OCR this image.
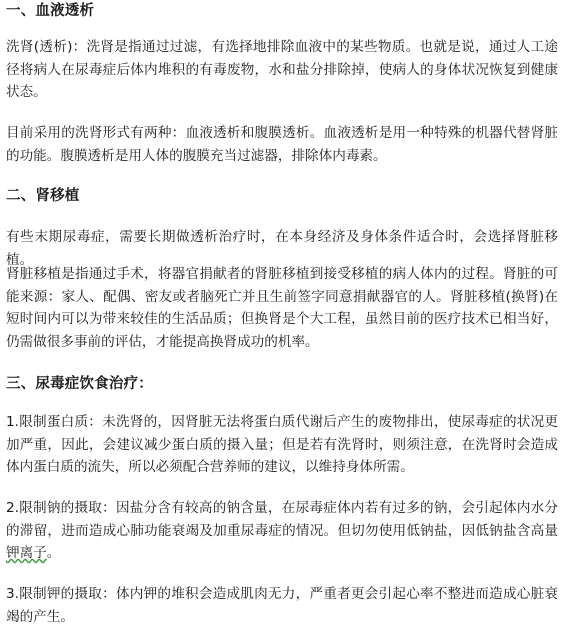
一、血液透析

洗肾(透析)：洗肾是指通过过滤，有选择地排除血液中的某些物质。也就是说，通过人工途径将病人在尿毒症后体内堆积的有毒废物，水和盐分排除掉，使病人的身体状况恢复到健康状态。

目前采用的洗肾形式有两种：血液透析和腹膜透析。血液透析是用一种特殊的机器代替肾脏的功能。腹膜透析是用人体的腹膜充当过滤器，排除体内毒素。

二、肾移植

有些末期尿毒症，需要长期做透析治疗时，在本身经济及身体条件适合时，会选择肾脏移植。

肾脏移植是指通过手术，将器官捐献者的肾脏移植到接受移植的病人体内的过程。肾脏的可能来源：家人、配偶、密友或者脑死亡并且生前签字同意捐献器官的人。肾脏移植(换肾)在短时间内可以为带来较佳的生活品质；但换肾是个大工程，虽然目前的医疗技术已相当好，仍需做很多事前的评估，才能提高换肾成功的机率。

三、尿毒症饮食治疗：

1.限制蛋白质：未洗肾的，因肾脏无法将蛋白质代谢后产生的废物排出，使尿毒症的状况更加严重，因此，会建议减少蛋白质的摄入量；但是若有洗肾时，则须注意，在洗肾时会造成体内蛋白质的流失，所以必须配合营养师的建议，以维持身体所需。

2.限制钠的摄取：因盐分含有较高的钠含量，在尿毒症体内若有过多的钠，会引起体内水分的滞留，进而造成心肺功能衰竭及加重尿毒症的情况。但切勿使用低钠盐，因低钠盐含高量钾离子。

3.限制钾的摄取：体内钾的堆积会造成肌肉无力，严重者更会引起心率不整进而造成心脏衰竭的产生。
